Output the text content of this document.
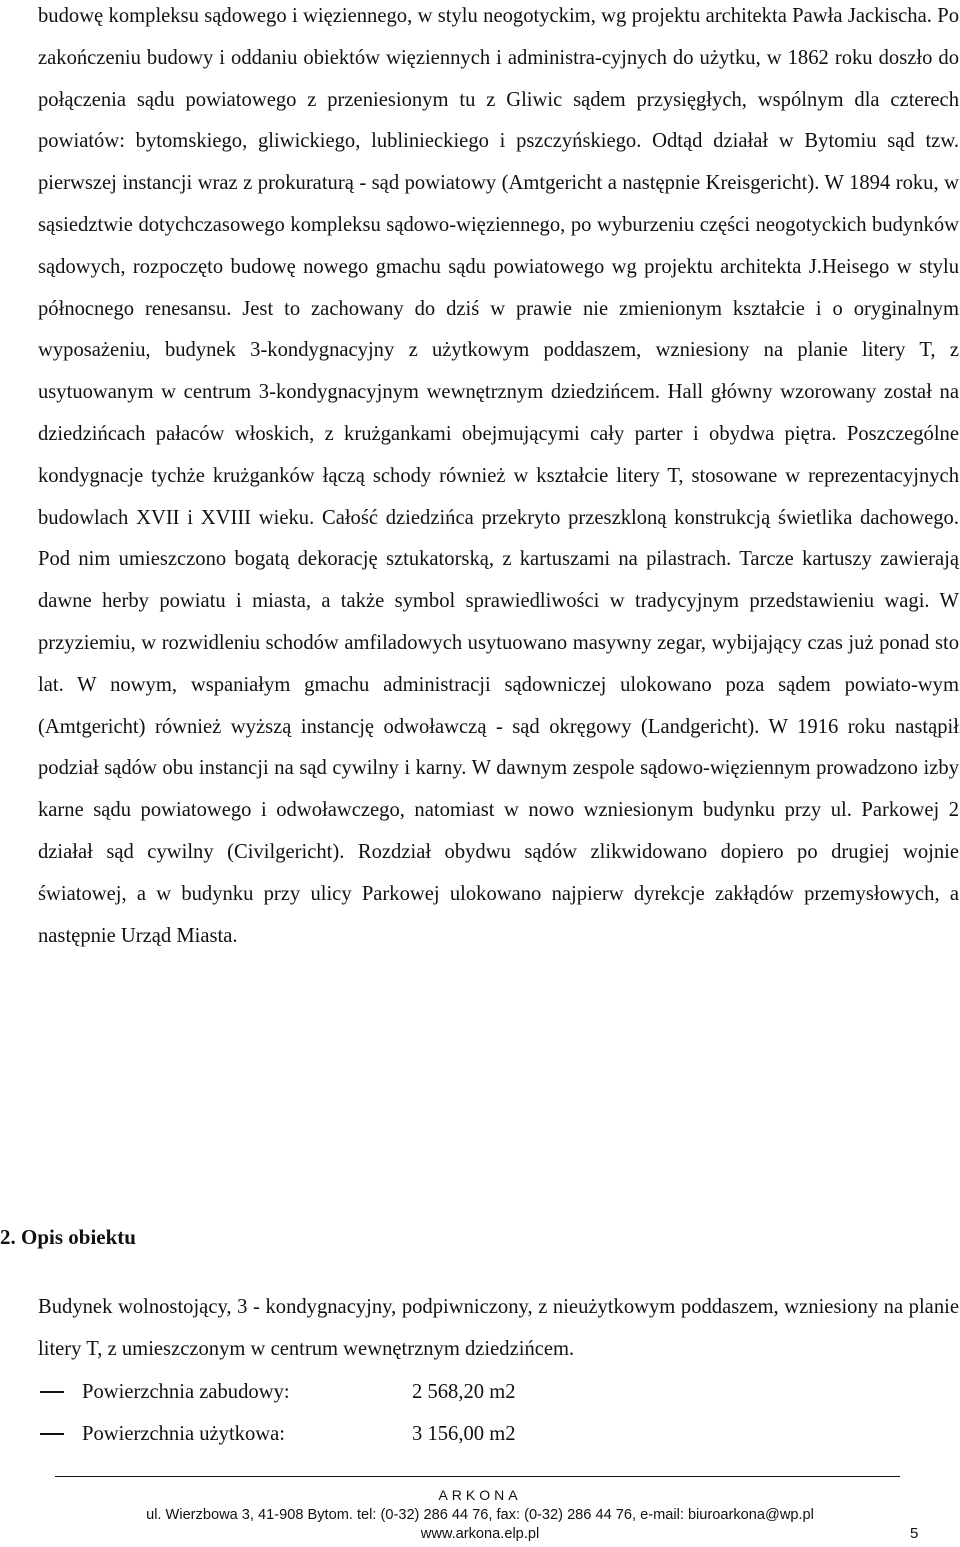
budowę kompleksu sądowego i więziennego, w stylu neogotyckim, wg projektu architekta Pawła Jackischa. Po zakończeniu budowy i oddaniu obiektów więziennych i administra-cyjnych do użytku, w 1862 roku doszło do połączenia sądu powiatowego z przeniesionym tu z Gliwic sądem przysięgłych, wspólnym dla czterech powiatów: bytomskiego, gliwickiego, lublinieckiego i pszczyńskiego. Odtąd działał w Bytomiu sąd tzw. pierwszej instancji wraz z prokuraturą - sąd powiatowy (Amtgericht a następnie Kreisgericht). W 1894 roku, w sąsiedztwie dotychczasowego kompleksu sądowo-więziennego, po wyburzeniu części neogotyckich budynków sądowych, rozpoczęto budowę nowego gmachu sądu powiatowego wg projektu architekta J.Heisego w stylu północnego renesansu. Jest to zachowany do dziś w prawie nie zmienionym kształcie i o oryginalnym wyposażeniu, budynek 3-kondygnacyjny z użytkowym poddaszem, wzniesiony na planie litery T, z usytuowanym w centrum 3-kondygnacyjnym wewnętrznym dziedzińcem. Hall główny wzorowany został na dziedzińcach pałaców włoskich, z krużgankami obejmującymi cały parter i obydwa piętra. Poszczególne kondygnacje tychże krużganków łączą schody również w kształcie litery T, stosowane w reprezentacyjnych budowlach XVII i XVIII wieku. Całość dziedzińca przekryto przeszkloną konstrukcją świetlika dachowego. Pod nim umieszczono bogatą dekorację sztukatorską, z kartuszami na pilastrach. Tarcze kartuszy zawierają dawne herby powiatu i miasta, a także symbol sprawiedliwości w tradycyjnym przedstawieniu wagi. W przyziemiu, w rozwidleniu schodów amfiladowych usytuowano masywny zegar, wybijający czas już ponad sto lat. W nowym, wspaniałym gmachu administracji sądowniczej ulokowano poza sądem powiato-wym (Amtgericht) również wyższą instancję odwoławczą - sąd okręgowy (Landgericht). W 1916 roku nastąpił podział sądów obu instancji na sąd cywilny i karny. W dawnym zespole sądowo-więziennym prowadzono izby karne sądu powiatowego i odwoławczego, natomiast w nowo wzniesionym budynku przy ul. Parkowej 2 działał sąd cywilny (Civilgericht). Rozdział obydwu sądów zlikwidowano dopiero po drugiej wojnie światowej, a w budynku przy ulicy Parkowej ulokowano najpierw dyrekcje zakłądów przemysłowych, a następnie Urząd Miasta.

2. Opis obiektu

Budynek wolnostojący, 3 - kondygnacyjny, podpiwniczony, z nieużytkowym poddaszem, wzniesiony na planie litery T, z umieszczonym w centrum wewnętrznym dziedzińcem.

Powierzchnia zabudowy:	2 568,20 m2
Powierzchnia użytkowa:	3 156,00 m2
ARKONA
ul. Wierzbowa 3, 41-908 Bytom. tel: (0-32) 286 44 76, fax: (0-32) 286 44 76, e-mail: biuroarkona@wp.pl
www.arkona.elp.pl	5
